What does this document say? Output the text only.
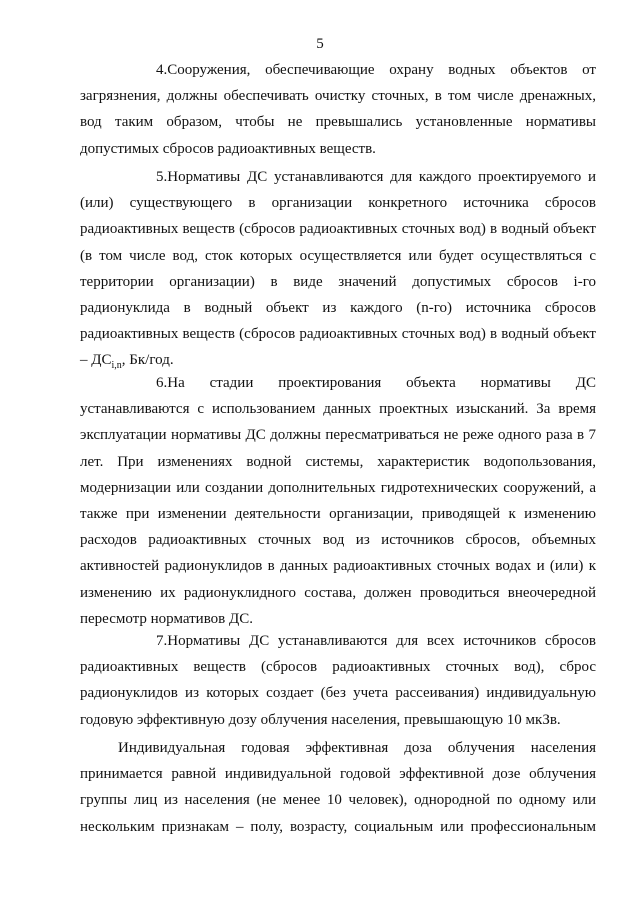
5

4.Сооружения, обеспечивающие охрану водных объектов от загрязнения, должны обеспечивать очистку сточных, в том числе дренажных, вод таким образом, чтобы не превышались установленные нормативы допустимых сбросов радиоактивных веществ.

5.Нормативы ДС устанавливаются для каждого проектируемого и (или) существующего в организации конкретного источника сбросов радиоактивных веществ (сбросов радиоактивных сточных вод) в водный объект (в том числе вод, сток которых осуществляется или будет осуществляться с территории организации) в виде значений допустимых сбросов i-го радионуклида в водный объект из каждого (n-го) источника сбросов радиоактивных веществ (сбросов радиоактивных сточных вод) в водный объект – $ДС_{i,n}$, Бк/год.

6.На стадии проектирования объекта нормативы ДС устанавливаются с использованием данных проектных изысканий. За время эксплуатации нормативы ДС должны пересматриваться не реже одного раза в 7 лет. При изменениях водной системы, характеристик водопользования, модернизации или создании дополнительных гидротехнических сооружений, а также при изменении деятельности организации, приводящей к изменению расходов радиоактивных сточных вод из источников сбросов, объемных активностей радионуклидов в данных радиоактивных сточных водах и (или) к изменению их радионуклидного состава, должен проводиться внеочередной пересмотр нормативов ДС.

7.Нормативы ДС устанавливаются для всех источников сбросов радиоактивных веществ (сбросов радиоактивных сточных вод), сброс радионуклидов из которых создает (без учета рассеивания) индивидуальную годовую эффективную дозу облучения населения, превышающую 10 мкЗв.

Индивидуальная годовая эффективная доза облучения населения принимается равной индивидуальной годовой эффективной дозе облучения группы лиц из населения (не менее 10 человек), однородной по одному или нескольким признакам – полу, возрасту, социальным или профессиональным
